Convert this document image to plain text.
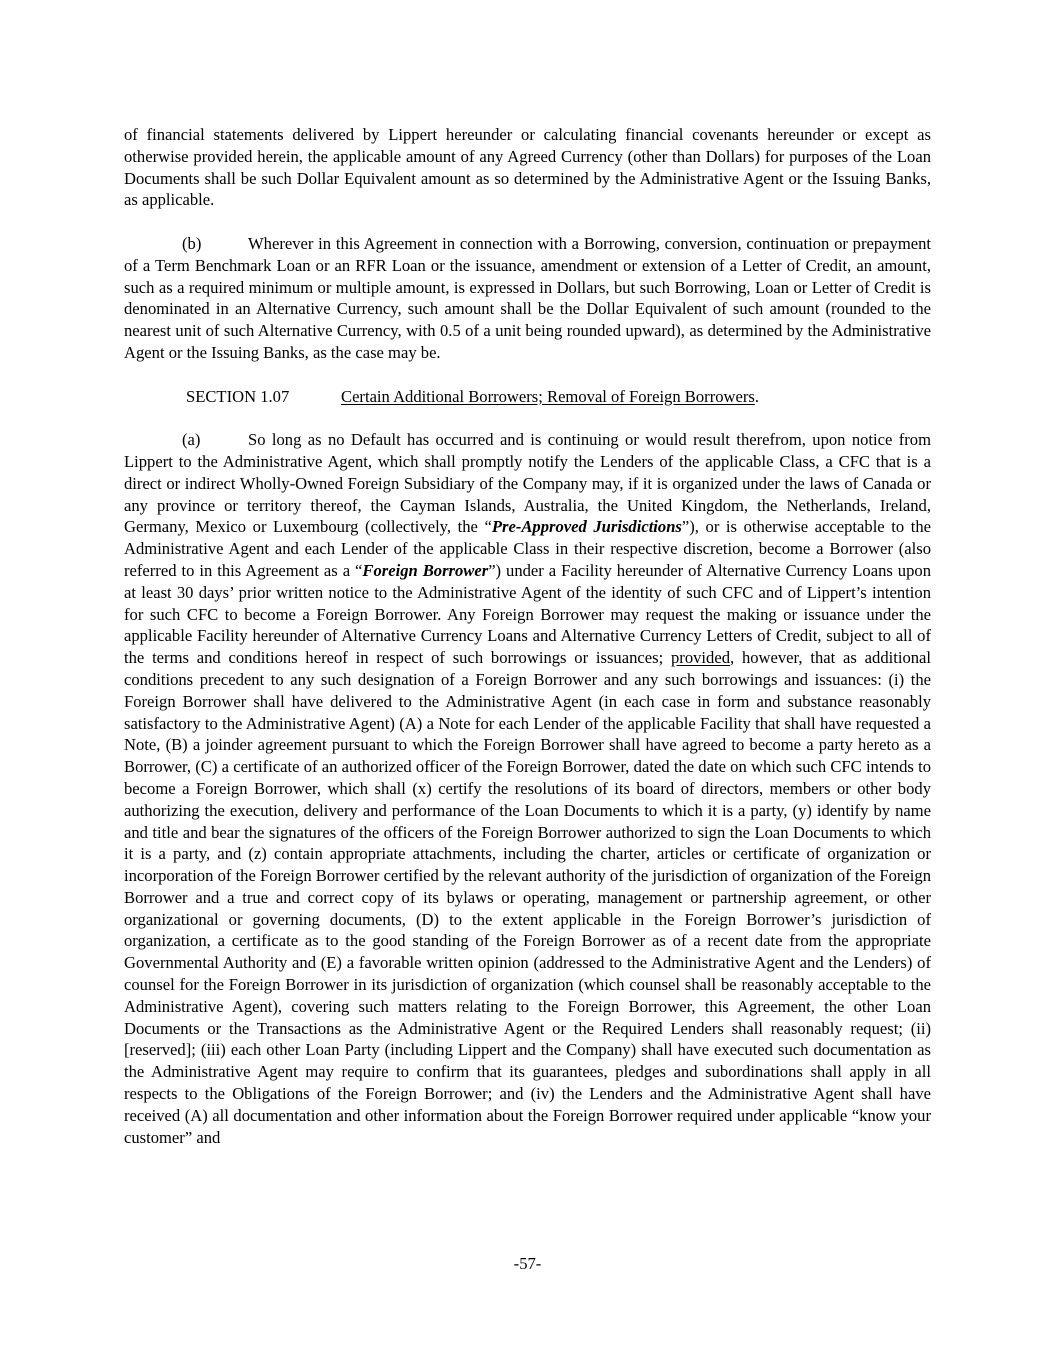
of financial statements delivered by Lippert hereunder or calculating financial covenants hereunder or except as otherwise provided herein, the applicable amount of any Agreed Currency (other than Dollars) for purposes of the Loan Documents shall be such Dollar Equivalent amount as so determined by the Administrative Agent or the Issuing Banks, as applicable.

(b)	Wherever in this Agreement in connection with a Borrowing, conversion, continuation or prepayment of a Term Benchmark Loan or an RFR Loan or the issuance, amendment or extension of a Letter of Credit, an amount, such as a required minimum or multiple amount, is expressed in Dollars, but such Borrowing, Loan or Letter of Credit is denominated in an Alternative Currency, such amount shall be the Dollar Equivalent of such amount (rounded to the nearest unit of such Alternative Currency, with 0.5 of a unit being rounded upward), as determined by the Administrative Agent or the Issuing Banks, as the case may be.

SECTION 1.07	Certain Additional Borrowers; Removal of Foreign Borrowers.

(a)	So long as no Default has occurred and is continuing or would result therefrom, upon notice from Lippert to the Administrative Agent, which shall promptly notify the Lenders of the applicable Class, a CFC that is a direct or indirect Wholly-Owned Foreign Subsidiary of the Company may, if it is organized under the laws of Canada or any province or territory thereof, the Cayman Islands, Australia, the United Kingdom, the Netherlands, Ireland, Germany, Mexico or Luxembourg (collectively, the “Pre-Approved Jurisdictions”), or is otherwise acceptable to the Administrative Agent and each Lender of the applicable Class in their respective discretion, become a Borrower (also referred to in this Agreement as a “Foreign Borrower”) under a Facility hereunder of Alternative Currency Loans upon at least 30 days’ prior written notice to the Administrative Agent of the identity of such CFC and of Lippert’s intention for such CFC to become a Foreign Borrower. Any Foreign Borrower may request the making or issuance under the applicable Facility hereunder of Alternative Currency Loans and Alternative Currency Letters of Credit, subject to all of the terms and conditions hereof in respect of such borrowings or issuances; provided, however, that as additional conditions precedent to any such designation of a Foreign Borrower and any such borrowings and issuances: (i) the Foreign Borrower shall have delivered to the Administrative Agent (in each case in form and substance reasonably satisfactory to the Administrative Agent) (A) a Note for each Lender of the applicable Facility that shall have requested a Note, (B) a joinder agreement pursuant to which the Foreign Borrower shall have agreed to become a party hereto as a Borrower, (C) a certificate of an authorized officer of the Foreign Borrower, dated the date on which such CFC intends to become a Foreign Borrower, which shall (x) certify the resolutions of its board of directors, members or other body authorizing the execution, delivery and performance of the Loan Documents to which it is a party, (y) identify by name and title and bear the signatures of the officers of the Foreign Borrower authorized to sign the Loan Documents to which it is a party, and (z) contain appropriate attachments, including the charter, articles or certificate of organization or incorporation of the Foreign Borrower certified by the relevant authority of the jurisdiction of organization of the Foreign Borrower and a true and correct copy of its bylaws or operating, management or partnership agreement, or other organizational or governing documents, (D) to the extent applicable in the Foreign Borrower’s jurisdiction of organization, a certificate as to the good standing of the Foreign Borrower as of a recent date from the appropriate Governmental Authority and (E) a favorable written opinion (addressed to the Administrative Agent and the Lenders) of counsel for the Foreign Borrower in its jurisdiction of organization (which counsel shall be reasonably acceptable to the Administrative Agent), covering such matters relating to the Foreign Borrower, this Agreement, the other Loan Documents or the Transactions as the Administrative Agent or the Required Lenders shall reasonably request; (ii) [reserved]; (iii) each other Loan Party (including Lippert and the Company) shall have executed such documentation as the Administrative Agent may require to confirm that its guarantees, pledges and subordinations shall apply in all respects to the Obligations of the Foreign Borrower; and (iv) the Lenders and the Administrative Agent shall have received (A) all documentation and other information about the Foreign Borrower required under applicable “know your customer” and

-57-
